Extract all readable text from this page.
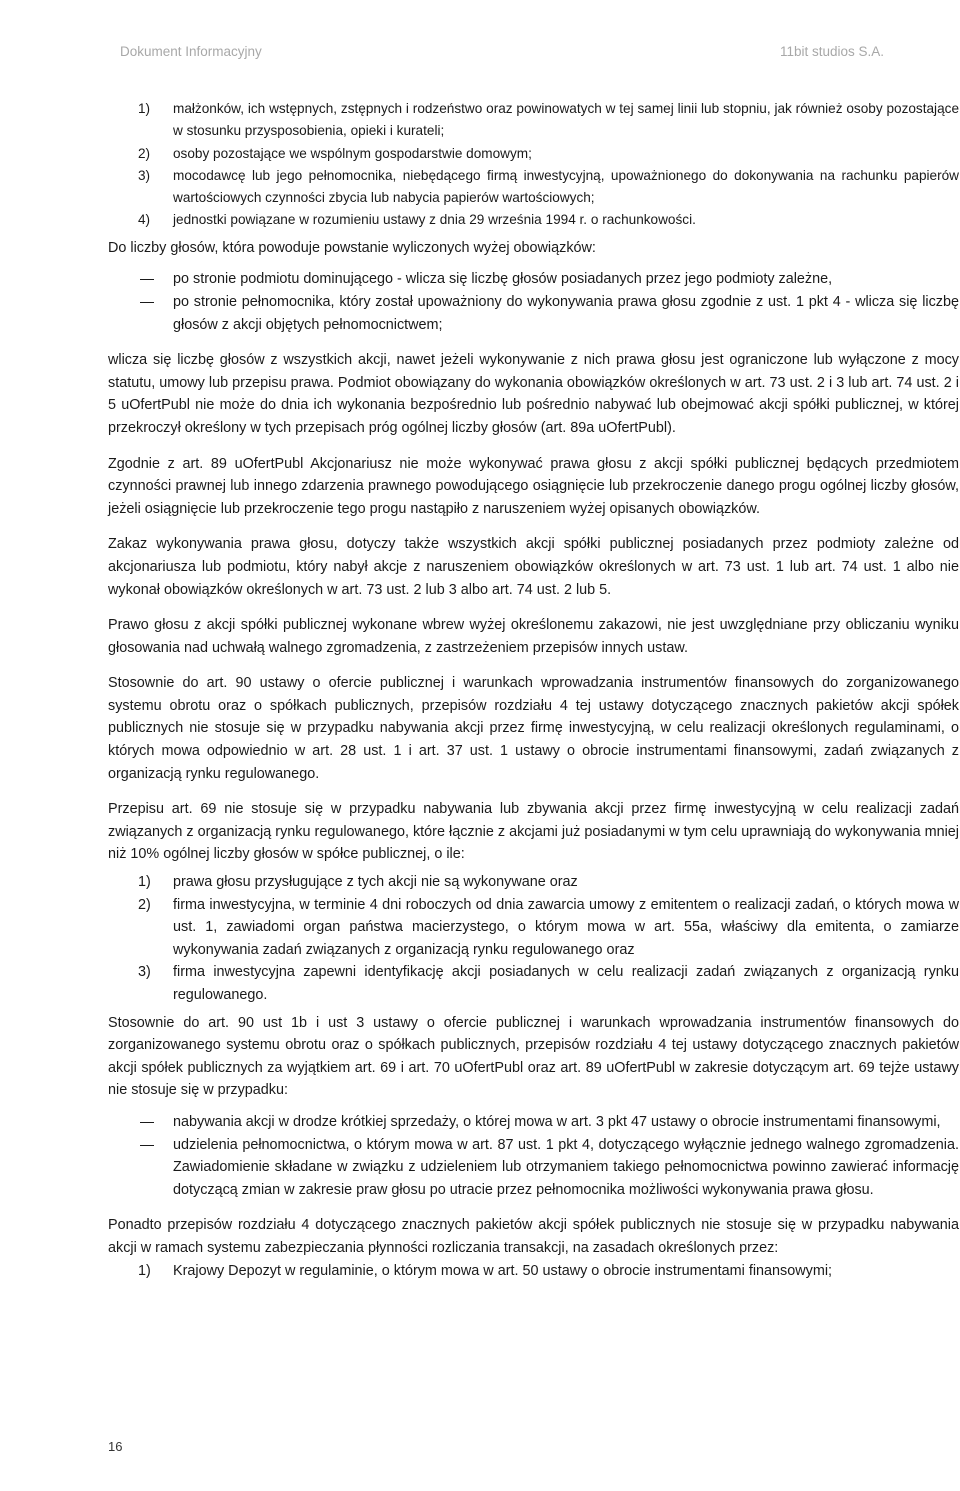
Dokument Informacyjny	11bit studios S.A.
1) małżonków, ich wstępnych, zstępnych i rodzeństwo oraz powinowatych w tej samej linii lub stopniu, jak również osoby pozostające w stosunku przysposobienia, opieki i kurateli;
2) osoby pozostające we wspólnym gospodarstwie domowym;
3) mocodawcę lub jego pełnomocnika, niebędącego firmą inwestycyjną, upoważnionego do dokonywania na rachunku papierów wartościowych czynności zbycia lub nabycia papierów wartościowych;
4) jednostki powiązane w rozumieniu ustawy z dnia 29 września 1994 r. o rachunkowości.

Do liczby głosów, która powoduje powstanie wyliczonych wyżej obowiązków:

po stronie podmiotu dominującego - wlicza się liczbę głosów posiadanych przez jego podmioty zależne,
po stronie pełnomocnika, który został upoważniony do wykonywania prawa głosu zgodnie z ust. 1 pkt 4 - wlicza się liczbę głosów z akcji objętych pełnomocnictwem;

wlicza się liczbę głosów z wszystkich akcji, nawet jeżeli wykonywanie z nich prawa głosu jest ograniczone lub wyłączone z mocy statutu, umowy lub przepisu prawa. Podmiot obowiązany do wykonania obowiązków określonych w art. 73 ust. 2 i 3 lub art. 74 ust. 2 i 5 uOfertPubl nie może do dnia ich wykonania bezpośrednio lub pośrednio nabywać lub obejmować akcji spółki publicznej, w której przekroczył określony w tych przepisach próg ogólnej liczby głosów (art. 89a uOfertPubl).

Zgodnie z art. 89 uOfertPubl Akcjonariusz nie może wykonywać prawa głosu z akcji spółki publicznej będących przedmiotem czynności prawnej lub innego zdarzenia prawnego powodującego osiągnięcie lub przekroczenie danego progu ogólnej liczby głosów, jeżeli osiągnięcie lub przekroczenie tego progu nastąpiło z naruszeniem wyżej opisanych obowiązków.

Zakaz wykonywania prawa głosu, dotyczy także wszystkich akcji spółki publicznej posiadanych przez podmioty zależne od akcjonariusza lub podmiotu, który nabył akcje z naruszeniem obowiązków określonych w art. 73 ust. 1 lub art. 74 ust. 1 albo nie wykonał obowiązków określonych w art. 73 ust. 2 lub 3 albo art. 74 ust. 2 lub 5.

Prawo głosu z akcji spółki publicznej wykonane wbrew wyżej określonemu zakazowi, nie jest uwzględniane przy obliczaniu wyniku głosowania nad uchwałą walnego zgromadzenia, z zastrzeżeniem przepisów innych ustaw.

Stosownie do art. 90 ustawy o ofercie publicznej i warunkach wprowadzania instrumentów finansowych do zorganizowanego systemu obrotu oraz o spółkach publicznych, przepisów rozdziału 4 tej ustawy dotyczącego znacznych pakietów akcji spółek publicznych nie stosuje się w przypadku nabywania akcji przez firmę inwestycyjną, w celu realizacji określonych regulaminami, o których mowa odpowiednio w art. 28 ust. 1 i art. 37 ust. 1 ustawy o obrocie instrumentami finansowymi, zadań związanych z organizacją rynku regulowanego.

Przepisu art. 69 nie stosuje się w przypadku nabywania lub zbywania akcji przez firmę inwestycyjną w celu realizacji zadań związanych z organizacją rynku regulowanego, które łącznie z akcjami już posiadanymi w tym celu uprawniają do wykonywania mniej niż 10% ogólnej liczby głosów w spółce publicznej, o ile:

1) prawa głosu przysługujące z tych akcji nie są wykonywane oraz
2) firma inwestycyjna, w terminie 4 dni roboczych od dnia zawarcia umowy z emitentem o realizacji zadań, o których mowa w ust. 1, zawiadomi organ państwa macierzystego, o którym mowa w art. 55a, właściwy dla emitenta, o zamiarze wykonywania zadań związanych z organizacją rynku regulowanego oraz
3) firma inwestycyjna zapewni identyfikację akcji posiadanych w celu realizacji zadań związanych z organizacją rynku regulowanego.

Stosownie do art. 90 ust 1b i ust 3 ustawy o ofercie publicznej i warunkach wprowadzania instrumentów finansowych do zorganizowanego systemu obrotu oraz o spółkach publicznych, przepisów rozdziału 4 tej ustawy dotyczącego znacznych pakietów akcji spółek publicznych za wyjątkiem art. 69 i art. 70 uOfertPubl oraz art. 89 uOfertPubl w zakresie dotyczącym art. 69 tejże ustawy nie stosuje się w przypadku:

nabywania akcji w drodze krótkiej sprzedaży, o której mowa w art. 3 pkt 47 ustawy o obrocie instrumentami finansowymi,
udzielenia pełnomocnictwa, o którym mowa w art. 87 ust. 1 pkt 4, dotyczącego wyłącznie jednego walnego zgromadzenia. Zawiadomienie składane w związku z udzieleniem lub otrzymaniem takiego pełnomocnictwa powinno zawierać informację dotyczącą zmian w zakresie praw głosu po utracie przez pełnomocnika możliwości wykonywania prawa głosu.

Ponadto przepisów rozdziału 4 dotyczącego znacznych pakietów akcji spółek publicznych nie stosuje się w przypadku nabywania akcji w ramach systemu zabezpieczania płynności rozliczania transakcji, na zasadach określonych przez:

1) Krajowy Depozyt w regulaminie, o którym mowa w art. 50 ustawy o obrocie instrumentami finansowymi;
16
